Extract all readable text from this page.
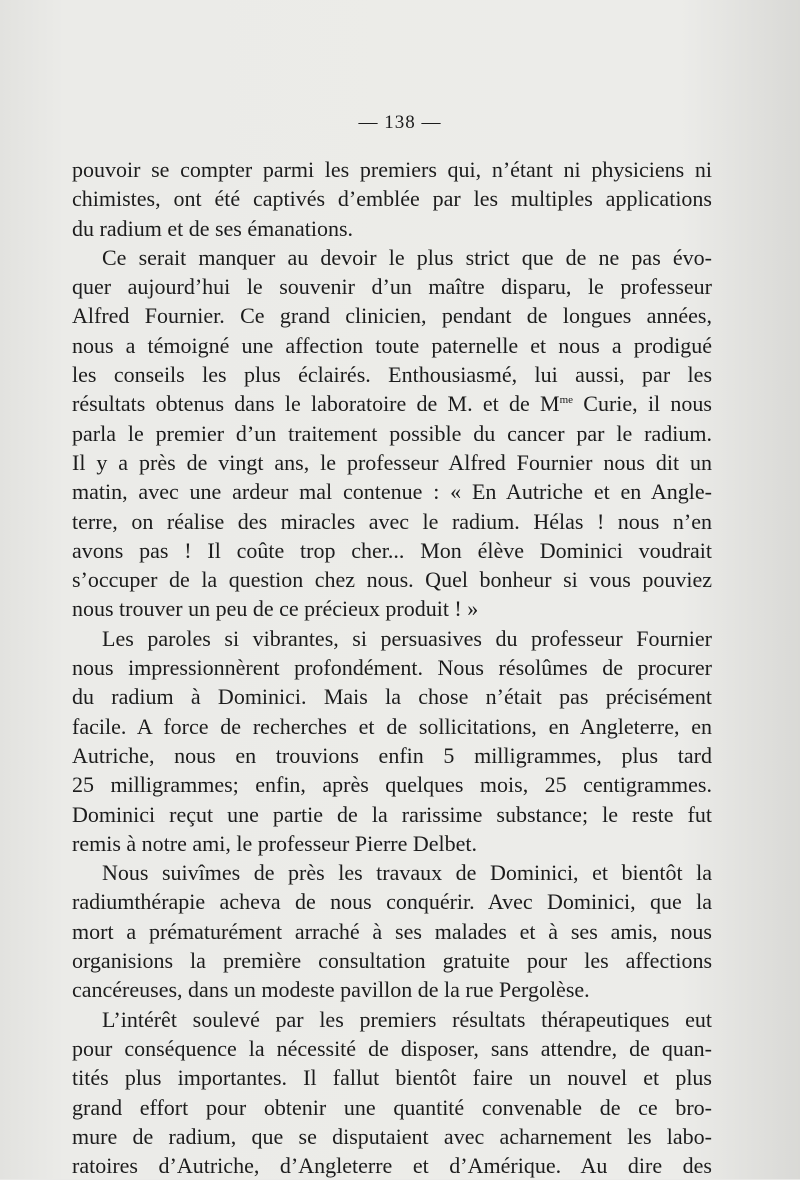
— 138 —
pouvoir se compter parmi les premiers qui, n’étant ni physiciens ni
chimistes, ont été captivés d’emblée par les multiples applications
du radium et de ses émanations.
Ce serait manquer au devoir le plus strict que de ne pas évo-
quer aujourd’hui le souvenir d’un maître disparu, le professeur
Alfred Fournier. Ce grand clinicien, pendant de longues années,
nous a témoigné une affection toute paternelle et nous a prodigué
les conseils les plus éclairés. Enthousiasmé, lui aussi, par les
résultats obtenus dans le laboratoire de M. et de $M^{me}$ Curie, il nous
parla le premier d’un traitement possible du cancer par le radium.
Il y a près de vingt ans, le professeur Alfred Fournier nous dit un
matin, avec une ardeur mal contenue : « En Autriche et en Angle-
terre, on réalise des miracles avec le radium. Hélas ! nous n’en
avons pas ! Il coûte trop cher... Mon élève Dominici voudrait
s’occuper de la question chez nous. Quel bonheur si vous pouviez
nous trouver un peu de ce précieux produit ! »
Les paroles si vibrantes, si persuasives du professeur Fournier
nous impressionnèrent profondément. Nous résolûmes de procurer
du radium à Dominici. Mais la chose n’était pas précisément
facile. A force de recherches et de sollicitations, en Angleterre, en
Autriche, nous en trouvions enfin 5 milligrammes, plus tard
25 milligrammes; enfin, après quelques mois, 25 centigrammes.
Dominici reçut une partie de la rarissime substance; le reste fut
remis à notre ami, le professeur Pierre Delbet.
Nous suivîmes de près les travaux de Dominici, et bientôt la
radiumthérapie acheva de nous conquérir. Avec Dominici, que la
mort a prématurément arraché à ses malades et à ses amis, nous
organisions la première consultation gratuite pour les affections
cancéreuses, dans un modeste pavillon de la rue Pergolèse.
L’intérêt soulevé par les premiers résultats thérapeutiques eut
pour conséquence la nécessité de disposer, sans attendre, de quan-
tités plus importantes. Il fallut bientôt faire un nouvel et plus
grand effort pour obtenir une quantité convenable de ce bro-
mure de radium, que se disputaient avec acharnement les labo-
ratoires d’Autriche, d’Angleterre et d’Amérique. Au dire des
